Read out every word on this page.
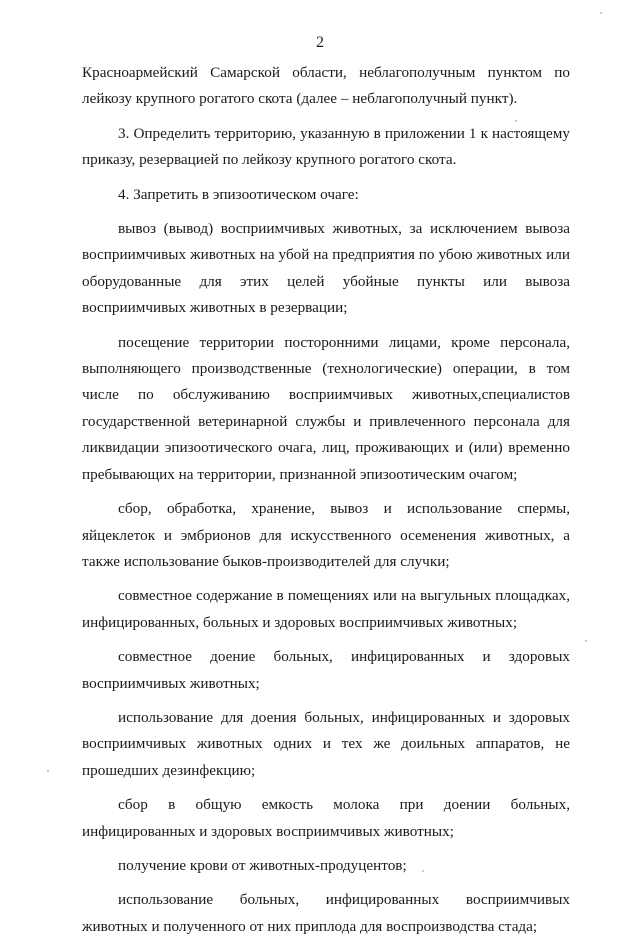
2

Красноармейский Самарской области, неблагополучным пунктом по лейкозу крупного рогатого скота (далее – неблагополучный пункт).

3. Определить территорию, указанную в приложении 1 к настоящему приказу, резервацией по лейкозу крупного рогатого скота.

4. Запретить в эпизоотическом очаге:

вывоз (вывод) восприимчивых животных, за исключением вывоза восприимчивых животных на убой на предприятия по убою животных или оборудованные для этих целей убойные пункты или вывоза восприимчивых животных в резервации;

посещение территории посторонними лицами, кроме персонала, выполняющего производственные (технологические) операции, в том числе по обслуживанию восприимчивых животных,специалистов государственной ветеринарной службы и привлеченного персонала для ликвидации эпизоотического очага, лиц, проживающих и (или) временно пребывающих на территории, признанной эпизоотическим очагом;

сбор, обработка, хранение, вывоз и использование спермы, яйцеклеток и эмбрионов для искусственного осеменения животных, а также использование быков-производителей для случки;

совместное содержание в помещениях или на выгульных площадках, инфицированных, больных и здоровых восприимчивых животных;

совместное доение больных, инфицированных и здоровых восприимчивых животных;

использование для доения больных, инфицированных и здоровых восприимчивых животных одних и тех же доильных аппаратов, не прошедших дезинфекцию;

сбор в общую емкость молока при доении больных, инфицированных и здоровых восприимчивых животных;

получение крови от животных-продуцентов;

использование больных, инфицированных восприимчивых животных и полученного от них приплода для воспроизводства стада;
